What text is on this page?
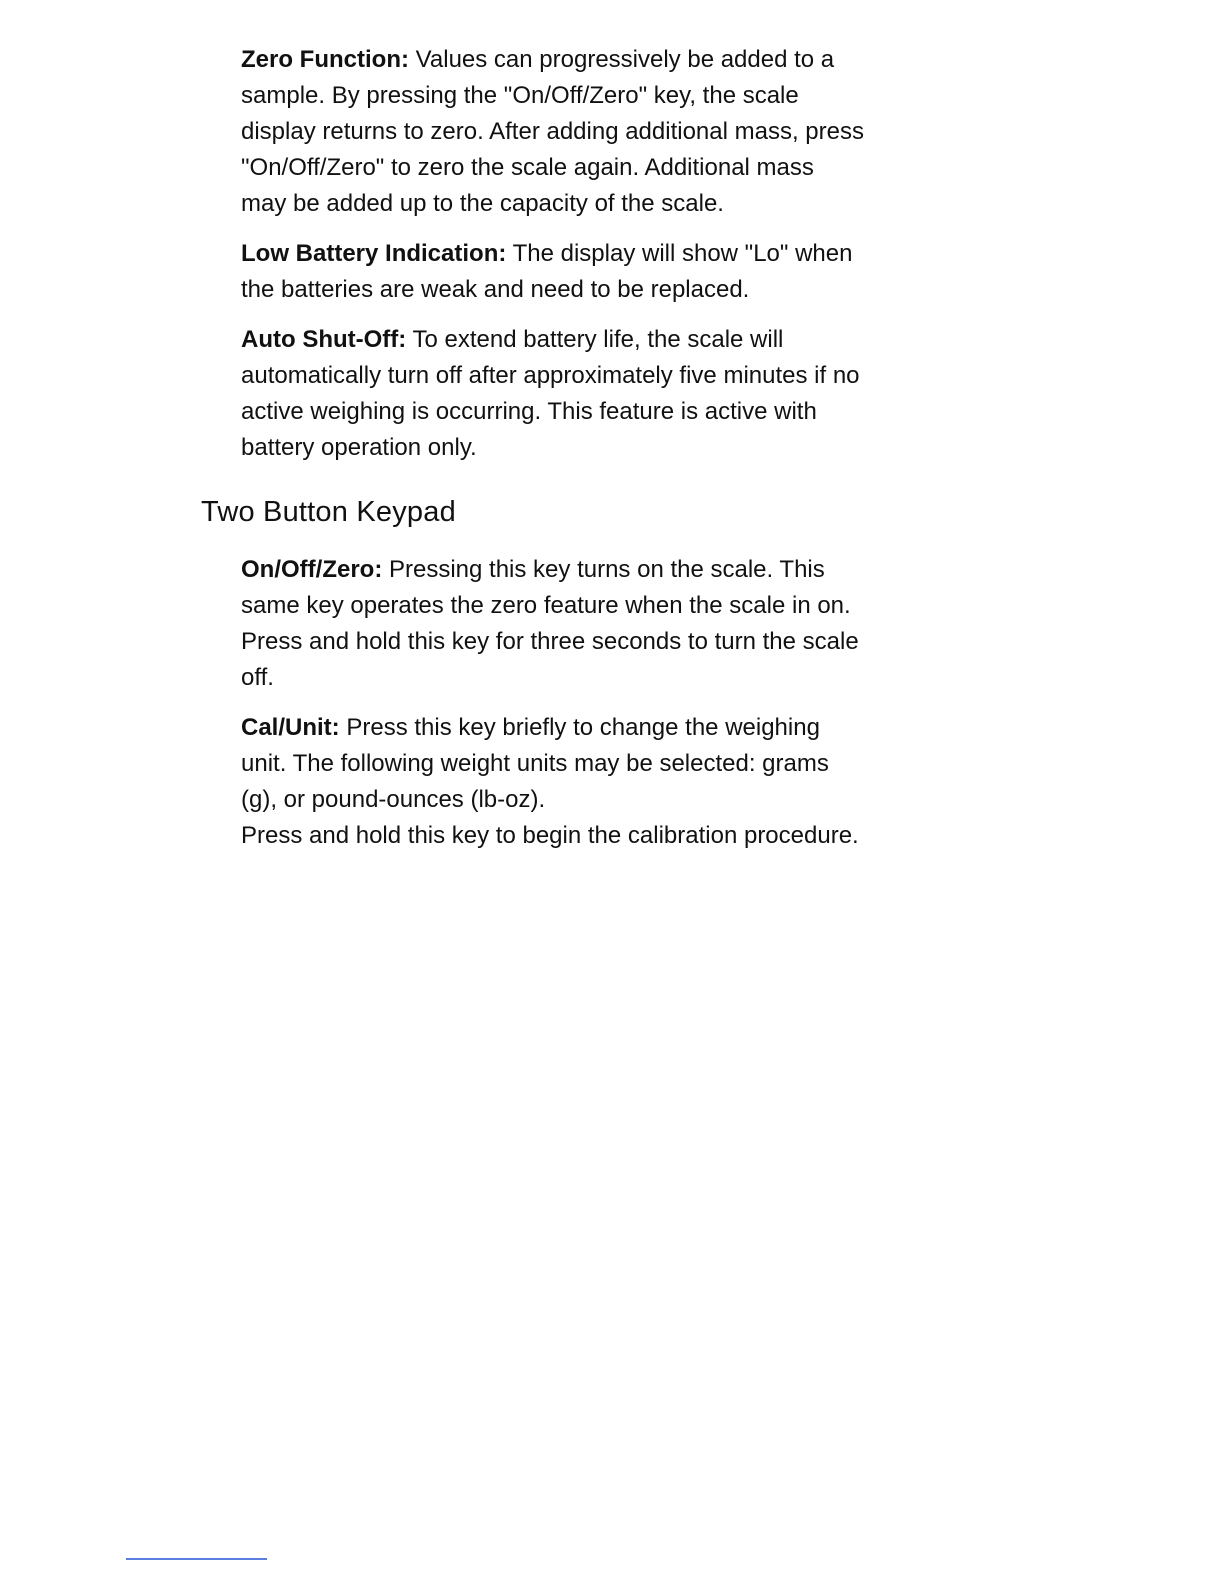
Zero Function: Values can progressively be added to a
sample. By pressing the "On/Off/Zero" key, the scale
display returns to zero. After adding additional mass, press
"On/Off/Zero" to zero the scale again. Additional mass
may be added up to the capacity of the scale.

Low Battery Indication: The display will show "Lo" when
the batteries are weak and need to be replaced.

Auto Shut-Off: To extend battery life, the scale will
automatically turn off after approximately five minutes if no
active weighing is occurring. This feature is active with
battery operation only.

Two Button Keypad

On/Off/Zero: Pressing this key turns on the scale. This
same key operates the zero feature when the scale in on.
Press and hold this key for three seconds to turn the scale
off.

Cal/Unit: Press this key briefly to change the weighing
unit. The following weight units may be selected: grams
(g), or pound-ounces (lb-oz).
Press and hold this key to begin the calibration procedure.
